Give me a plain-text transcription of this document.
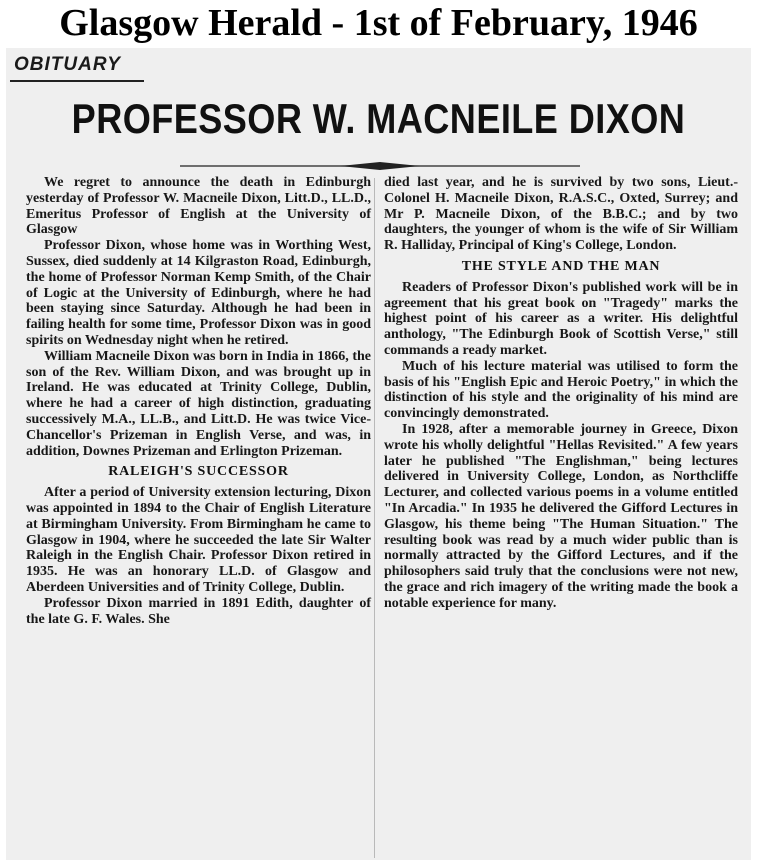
Glasgow Herald - 1st of February, 1946
OBITUARY
PROFESSOR W. MACNEILE DIXON

We regret to announce the death in Edinburgh yesterday of Professor W. Macneile Dixon, Litt.D., LL.D., Emeritus Professor of English at the University of Glasgow

Professor Dixon, whose home was in Worthing West, Sussex, died suddenly at 14 Kilgraston Road, Edinburgh, the home of Professor Norman Kemp Smith, of the Chair of Logic at the University of Edinburgh, where he had been staying since Saturday. Although he had been in failing health for some time, Professor Dixon was in good spirits on Wednesday night when he retired.

William Macneile Dixon was born in India in 1866, the son of the Rev. William Dixon, and was brought up in Ireland. He was educated at Trinity College, Dublin, where he had a career of high distinction, graduating successively M.A., LL.B., and Litt.D. He was twice Vice-Chancellor's Prizeman in English Verse, and was, in addition, Downes Prizeman and Erlington Prizeman.

RALEIGH'S SUCCESSOR

After a period of University extension lecturing, Dixon was appointed in 1894 to the Chair of English Literature at Birmingham University. From Birmingham he came to Glasgow in 1904, where he succeeded the late Sir Walter Raleigh in the English Chair. Professor Dixon retired in 1935. He was an honorary LL.D. of Glasgow and Aberdeen Universities and of Trinity College, Dublin.

Professor Dixon married in 1891 Edith, daughter of the late G. F. Wales. She

died last year, and he is survived by two sons, Lieut.-Colonel H. Macneile Dixon, R.A.S.C., Oxted, Surrey; and Mr P. Macneile Dixon, of the B.B.C.; and by two daughters, the younger of whom is the wife of Sir William R. Halliday, Principal of King's College, London.

THE STYLE AND THE MAN

Readers of Professor Dixon's published work will be in agreement that his great book on "Tragedy" marks the highest point of his career as a writer. His delightful anthology, "The Edinburgh Book of Scottish Verse," still commands a ready market.

Much of his lecture material was utilised to form the basis of his "English Epic and Heroic Poetry," in which the distinction of his style and the originality of his mind are convincingly demonstrated.

In 1928, after a memorable journey in Greece, Dixon wrote his wholly delightful "Hellas Revisited." A few years later he published "The Englishman," being lectures delivered in University College, London, as Northcliffe Lecturer, and collected various poems in a volume entitled "In Arcadia." In 1935 he delivered the Gifford Lectures in Glasgow, his theme being "The Human Situation." The resulting book was read by a much wider public than is normally attracted by the Gifford Lectures, and if the philosophers said truly that the conclusions were not new, the grace and rich imagery of the writing made the book a notable experience for many.
